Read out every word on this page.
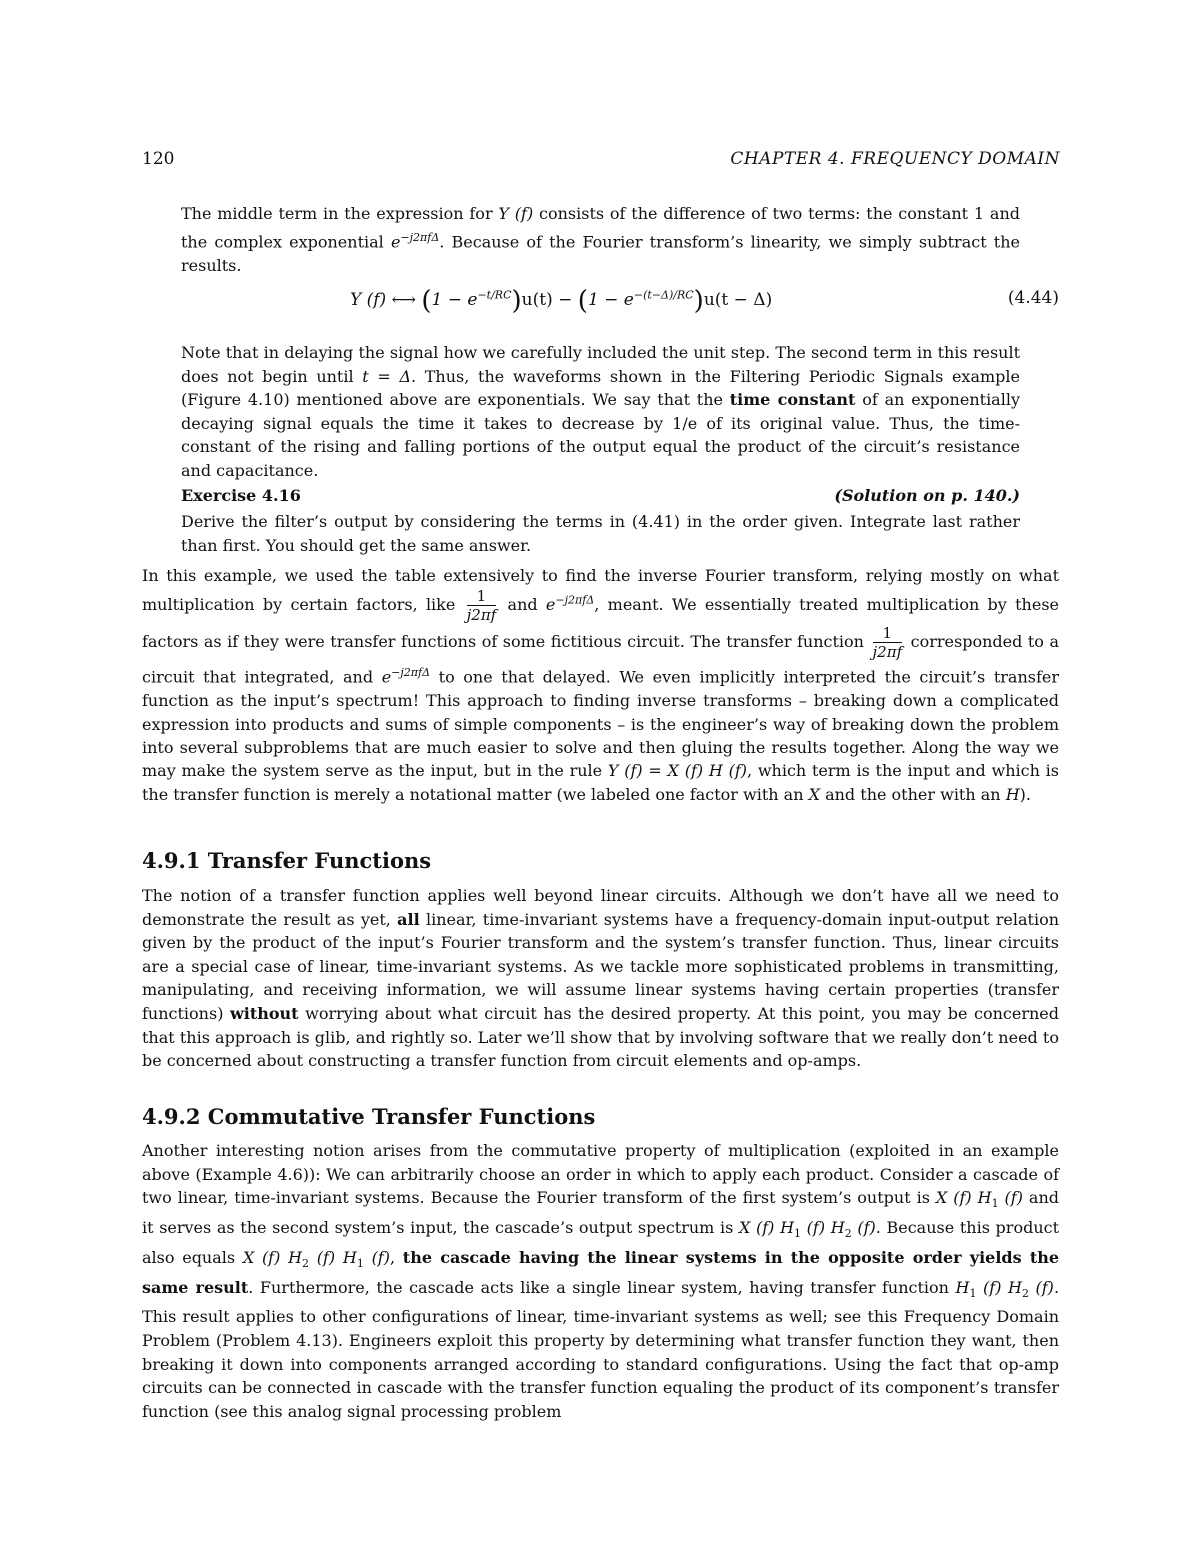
120	CHAPTER 4. FREQUENCY DOMAIN
The middle term in the expression for Y (f) consists of the difference of two terms: the constant 1 and the complex exponential $e^{-j2\pi f\Delta}$. Because of the Fourier transform’s linearity, we simply subtract the results.
Y (f) ⟷ $(1 - e^{-t/RC})u(t) - (1 - e^{-(t-\Delta)/RC})u(t - \Delta)$	(4.44)
Note that in delaying the signal how we carefully included the unit step. The second term in this result does not begin until t = Δ. Thus, the waveforms shown in the Filtering Periodic Signals example (Figure 4.10) mentioned above are exponentials. We say that the time constant of an exponentially decaying signal equals the time it takes to decrease by 1/e of its original value. Thus, the time-constant of the rising and falling portions of the output equal the product of the circuit’s resistance and capacitance.
Exercise 4.16	(Solution on p. 140.)
Derive the filter’s output by considering the terms in (4.41) in the order given. Integrate last rather than first. You should get the same answer.
In this example, we used the table extensively to find the inverse Fourier transform, relying mostly on what multiplication by certain factors, like $\frac{1}{j2\pi f}$ and $e^{-j2\pi f\Delta}$, meant. We essentially treated multiplication by these factors as if they were transfer functions of some fictitious circuit. The transfer function $\frac{1}{j2\pi f}$ corresponded to a circuit that integrated, and $e^{-j2\pi f\Delta}$ to one that delayed. We even implicitly interpreted the circuit’s transfer function as the input’s spectrum! This approach to finding inverse transforms – breaking down a complicated expression into products and sums of simple components – is the engineer’s way of breaking down the problem into several subproblems that are much easier to solve and then gluing the results together. Along the way we may make the system serve as the input, but in the rule Y (f) = X (f) H (f), which term is the input and which is the transfer function is merely a notational matter (we labeled one factor with an X and the other with an H).
4.9.1 Transfer Functions
The notion of a transfer function applies well beyond linear circuits. Although we don’t have all we need to demonstrate the result as yet, all linear, time-invariant systems have a frequency-domain input-output relation given by the product of the input’s Fourier transform and the system’s transfer function. Thus, linear circuits are a special case of linear, time-invariant systems. As we tackle more sophisticated problems in transmitting, manipulating, and receiving information, we will assume linear systems having certain properties (transfer functions) without worrying about what circuit has the desired property. At this point, you may be concerned that this approach is glib, and rightly so. Later we’ll show that by involving software that we really don’t need to be concerned about constructing a transfer function from circuit elements and op-amps.
4.9.2 Commutative Transfer Functions
Another interesting notion arises from the commutative property of multiplication (exploited in an example above (Example 4.6)): We can arbitrarily choose an order in which to apply each product. Consider a cascade of two linear, time-invariant systems. Because the Fourier transform of the first system’s output is X (f) $H_1$ (f) and it serves as the second system’s input, the cascade’s output spectrum is X (f) $H_1$ (f) $H_2$ (f). Because this product also equals X (f) $H_2$ (f) $H_1$ (f), the cascade having the linear systems in the opposite order yields the same result. Furthermore, the cascade acts like a single linear system, having transfer function $H_1$ (f) $H_2$ (f). This result applies to other configurations of linear, time-invariant systems as well; see this Frequency Domain Problem (Problem 4.13). Engineers exploit this property by determining what transfer function they want, then breaking it down into components arranged according to standard configurations. Using the fact that op-amp circuits can be connected in cascade with the transfer function equaling the product of its component’s transfer function (see this analog signal processing problem
